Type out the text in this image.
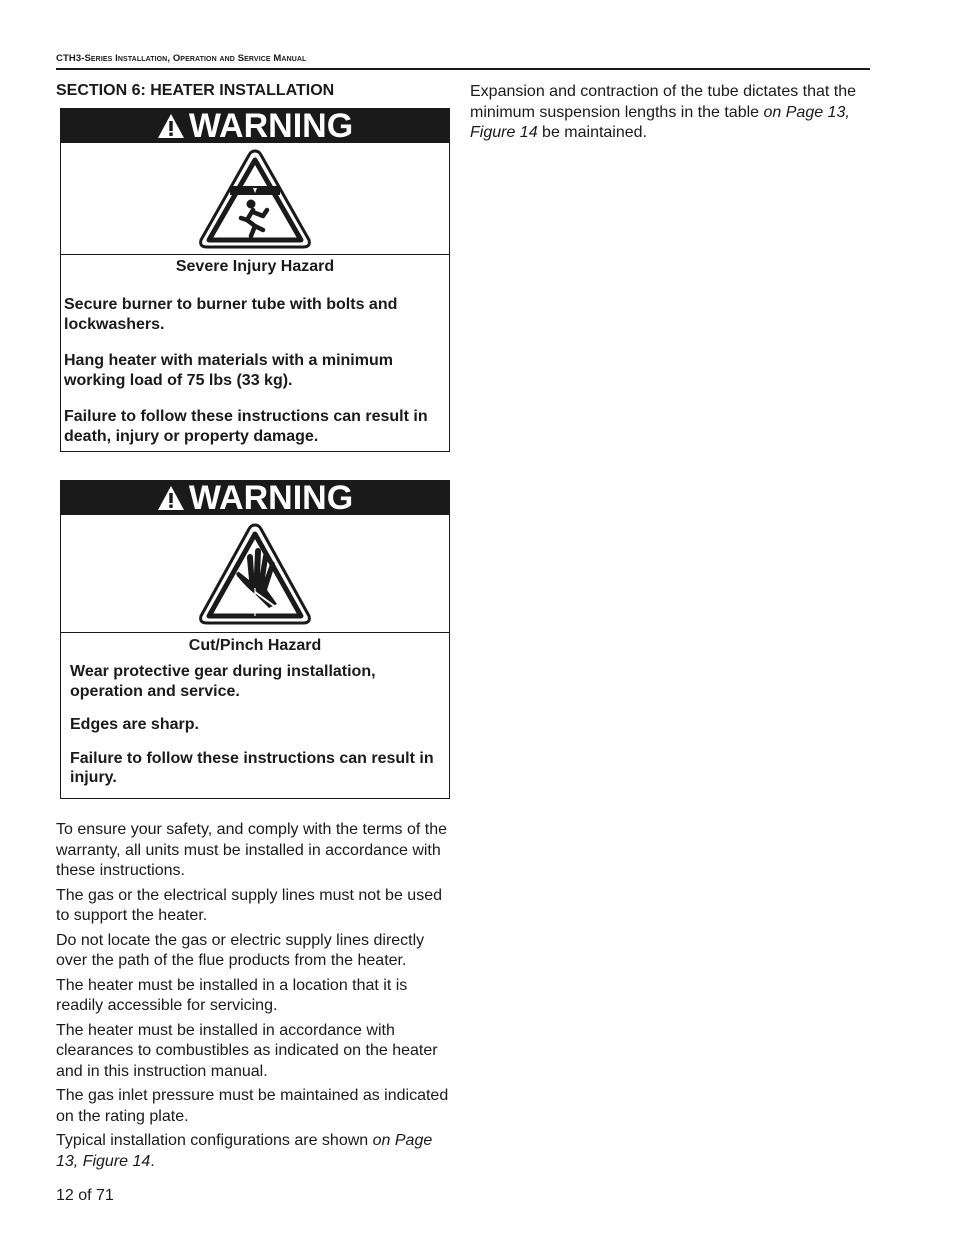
CTH3-Series Installation, Operation and Service Manual
SECTION 6: HEATER INSTALLATION
WARNING
Severe Injury Hazard

Secure burner to burner tube with bolts and lockwashers.

Hang heater with materials with a minimum working load of 75 lbs (33 kg).

Failure to follow these instructions can result in death, injury or property damage.

WARNING
Cut/Pinch Hazard

Wear protective gear during installation, operation and service.

Edges are sharp.

Failure to follow these instructions can result in injury.

To ensure your safety, and comply with the terms of the warranty, all units must be installed in accordance with these instructions.

The gas or the electrical supply lines must not be used to support the heater.

Do not locate the gas or electric supply lines directly over the path of the flue products from the heater.

The heater must be installed in a location that it is readily accessible for servicing.

The heater must be installed in accordance with clearances to combustibles as indicated on the heater and in this instruction manual.

The gas inlet pressure must be maintained as indicated on the rating plate.

Typical installation configurations are shown on Page 13, Figure 14.

Expansion and contraction of the tube dictates that the minimum suspension lengths in the table on Page 13, Figure 14 be maintained.

12 of 71
